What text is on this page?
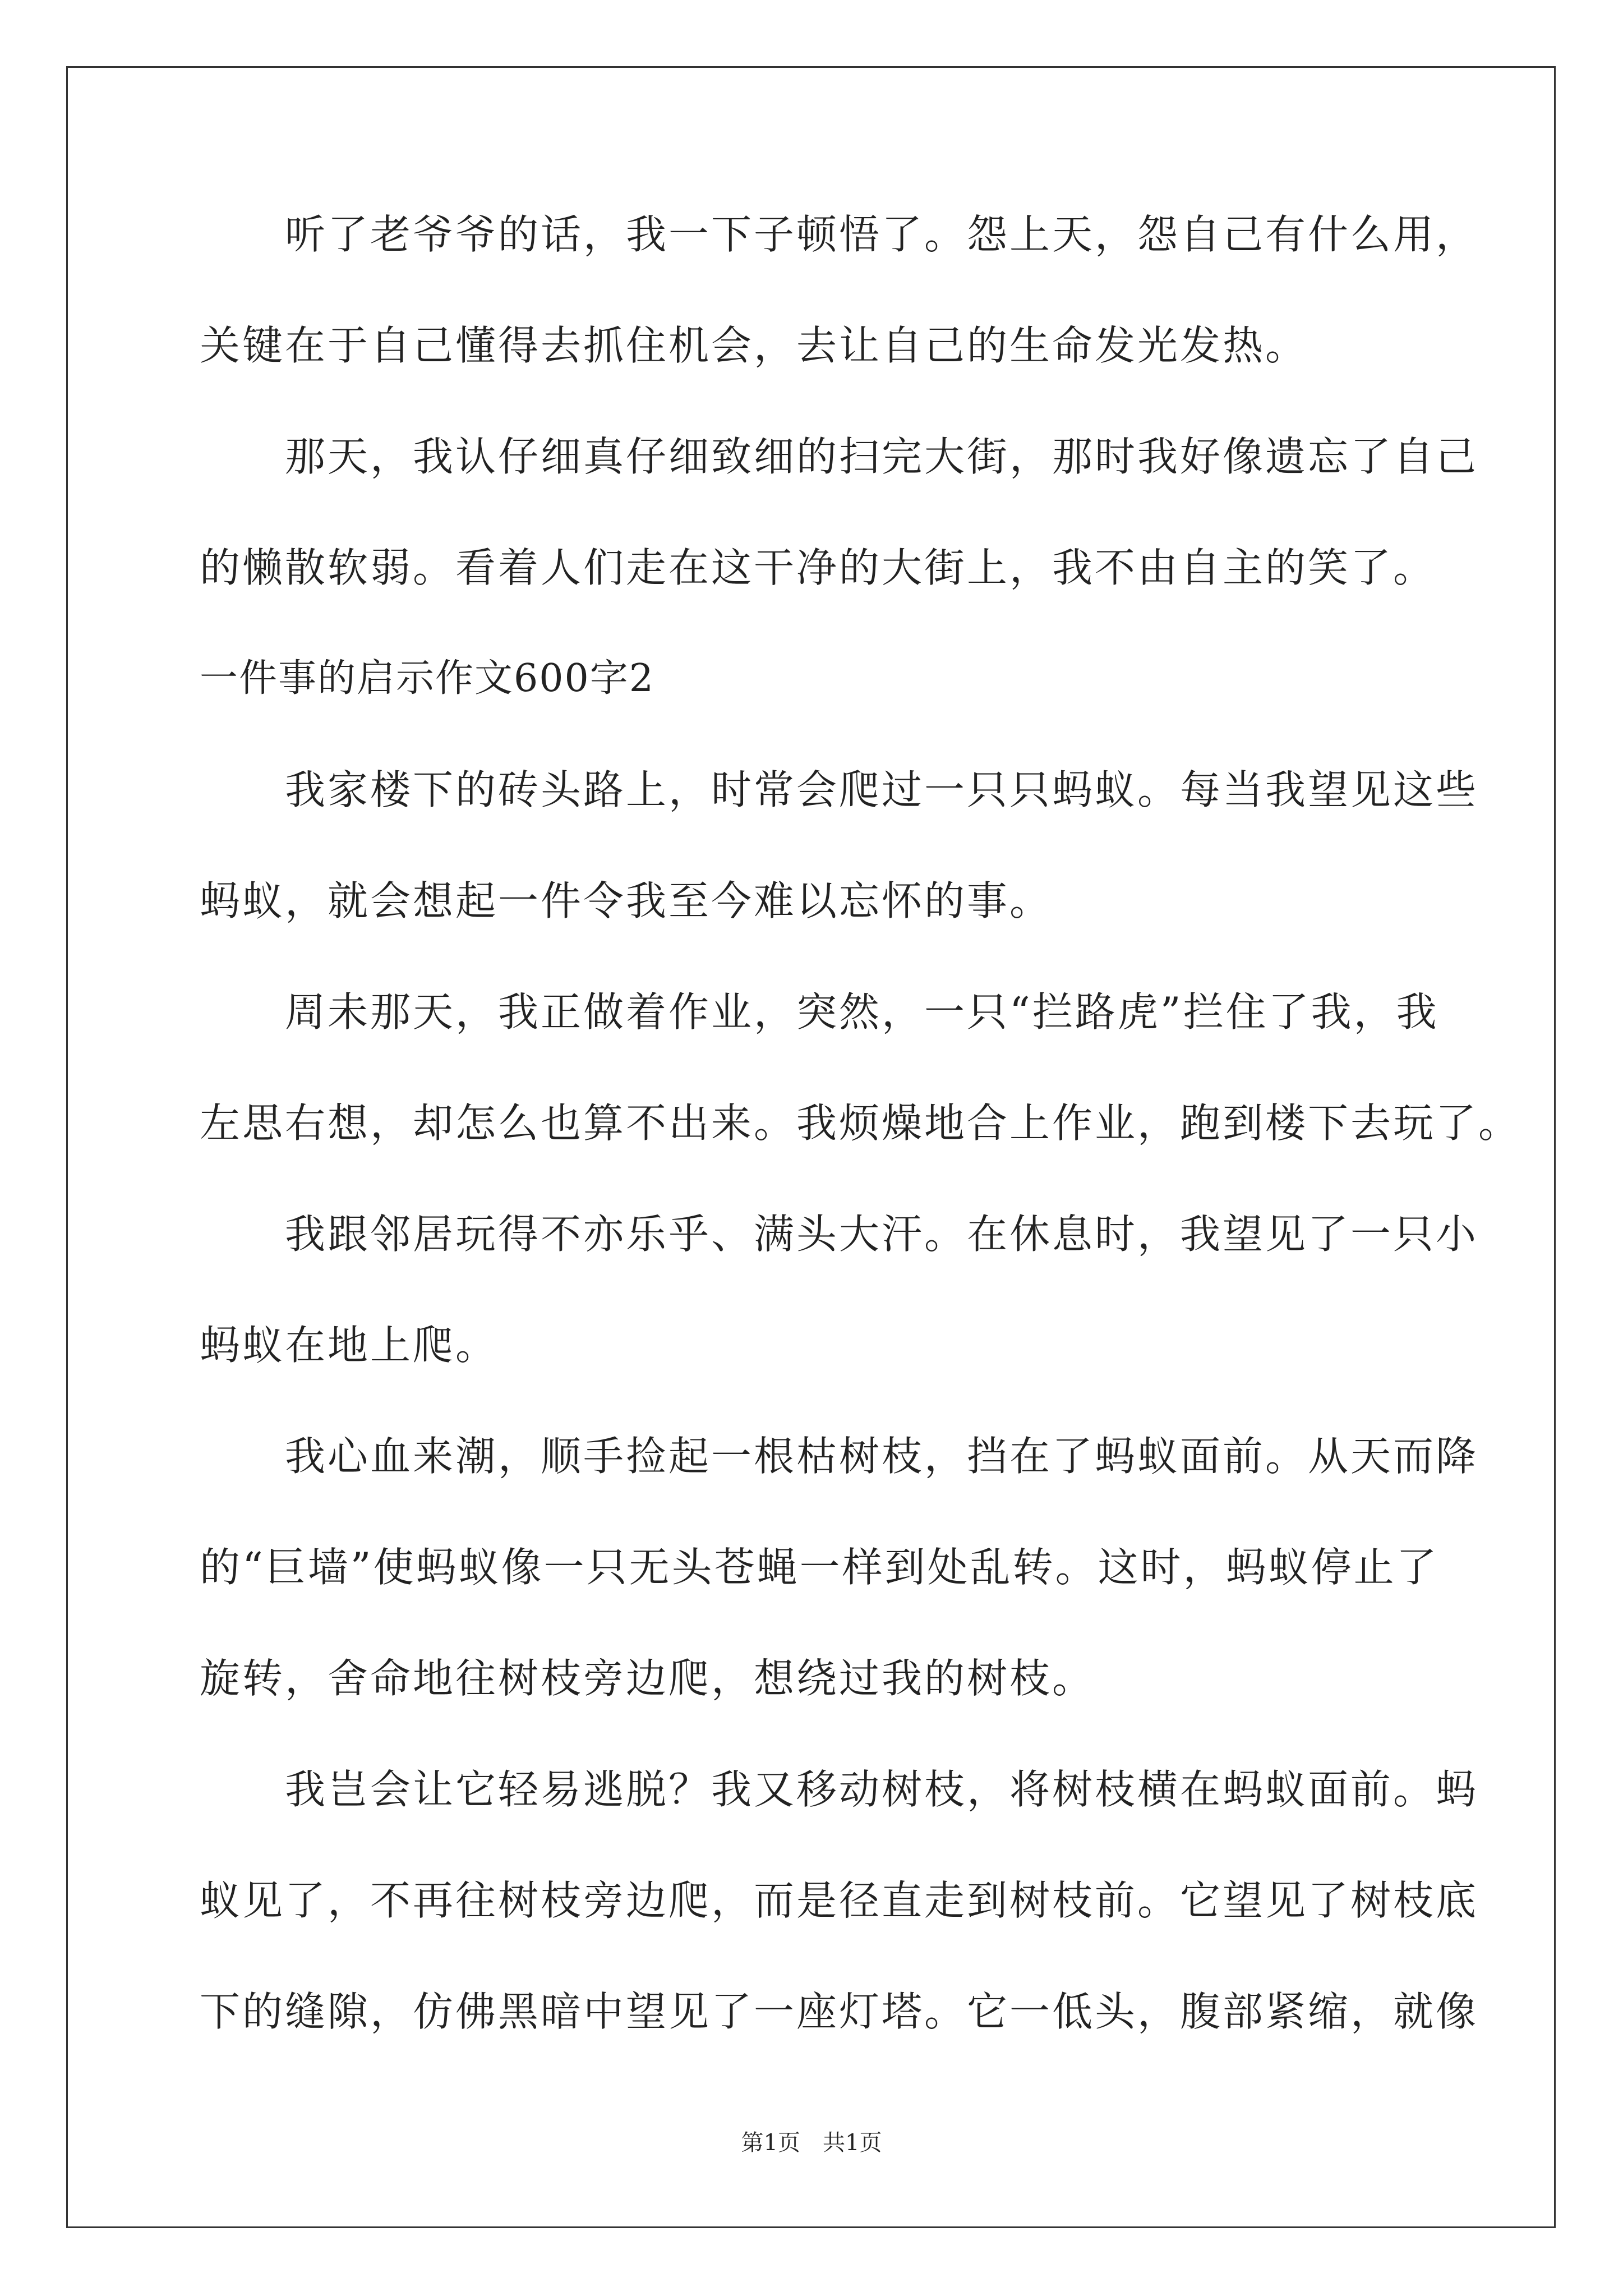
　　听了老爷爷的话，我一下子顿悟了。怨上天，怨自己有什么用，
关键在于自己懂得去抓住机会，去让自己的生命发光发热。
　　那天，我认仔细真仔细致细的扫完大街，那时我好像遗忘了自己
的懒散软弱。看着人们走在这干净的大街上，我不由自主的笑了。
一件事的启示作文600字2
　　我家楼下的砖头路上，时常会爬过一只只蚂蚁。每当我望见这些
蚂蚁，就会想起一件令我至今难以忘怀的事。
　　周未那天，我正做着作业，突然，一只“拦路虎”拦住了我，我
左思右想，却怎么也算不出来。我烦燥地合上作业，跑到楼下去玩了。
　　我跟邻居玩得不亦乐乎、满头大汗。在休息时，我望见了一只小
蚂蚁在地上爬。
　　我心血来潮，顺手捡起一根枯树枝，挡在了蚂蚁面前。从天而降
的“巨墙”使蚂蚁像一只无头苍蝇一样到处乱转。这时，蚂蚁停止了
旋转，舍命地往树枝旁边爬，想绕过我的树枝。
　　我岂会让它轻易逃脱？我又移动树枝，将树枝横在蚂蚁面前。蚂
蚁见了，不再往树枝旁边爬，而是径直走到树枝前。它望见了树枝底
下的缝隙，仿佛黑暗中望见了一座灯塔。它一低头，腹部紧缩，就像
第1页　共1页
